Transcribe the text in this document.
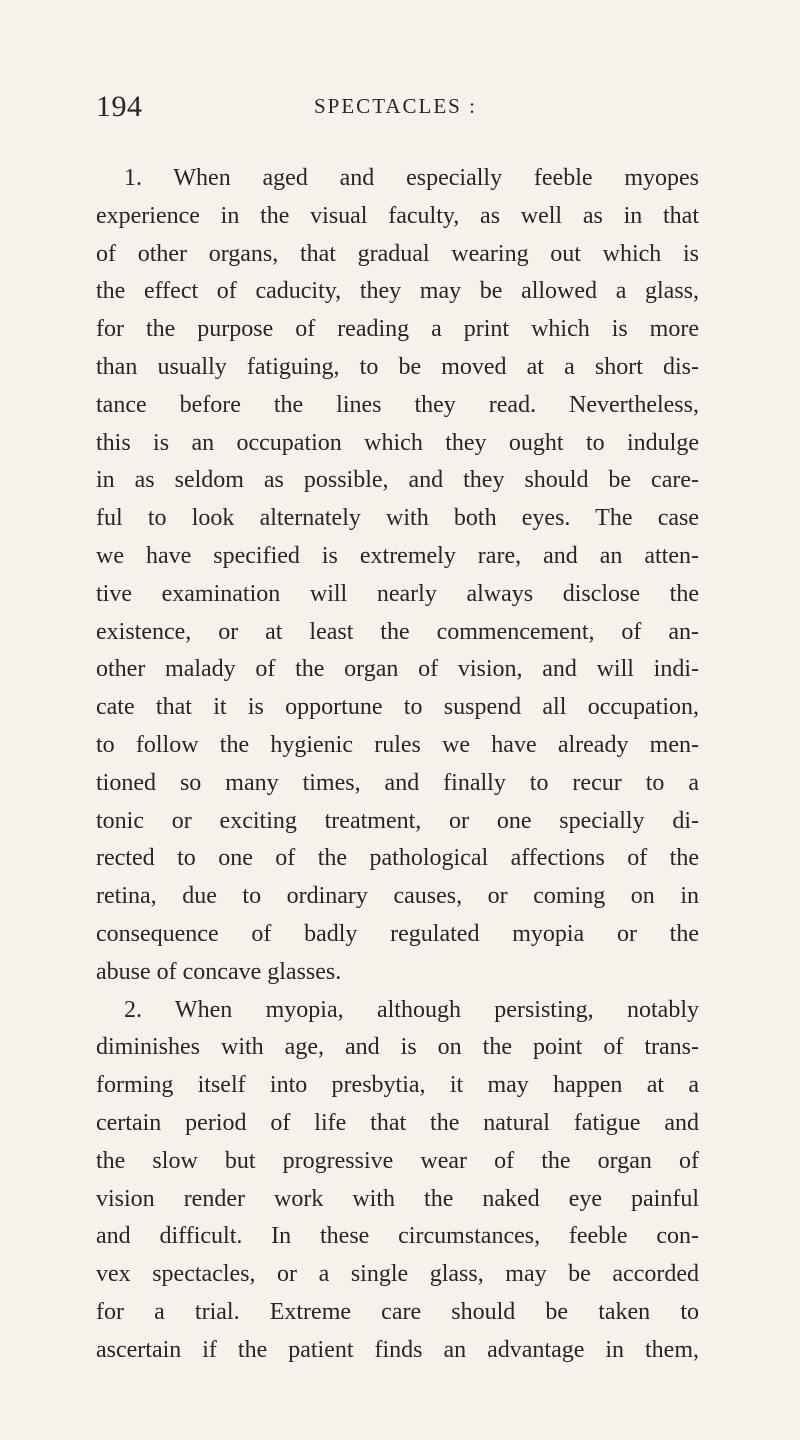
194	SPECTACLES :
1. When aged and especially feeble myopes
experience in the visual faculty, as well as in that
of other organs, that gradual wearing out which is
the effect of caducity, they may be allowed a glass,
for the purpose of reading a print which is more
than usually fatiguing, to be moved at a short dis-
tance before the lines they read. Nevertheless,
this is an occupation which they ought to indulge
in as seldom as possible, and they should be care-
ful to look alternately with both eyes. The case
we have specified is extremely rare, and an atten-
tive examination will nearly always disclose the
existence, or at least the commencement, of an-
other malady of the organ of vision, and will indi-
cate that it is opportune to suspend all occupation,
to follow the hygienic rules we have already men-
tioned so many times, and finally to recur to a
tonic or exciting treatment, or one specially di-
rected to one of the pathological affections of the
retina, due to ordinary causes, or coming on in
consequence of badly regulated myopia or the
abuse of concave glasses.
2. When myopia, although persisting, notably
diminishes with age, and is on the point of trans-
forming itself into presbytia, it may happen at a
certain period of life that the natural fatigue and
the slow but progressive wear of the organ of
vision render work with the naked eye painful
and difficult. In these circumstances, feeble con-
vex spectacles, or a single glass, may be accorded
for a trial. Extreme care should be taken to
ascertain if the patient finds an advantage in them,
